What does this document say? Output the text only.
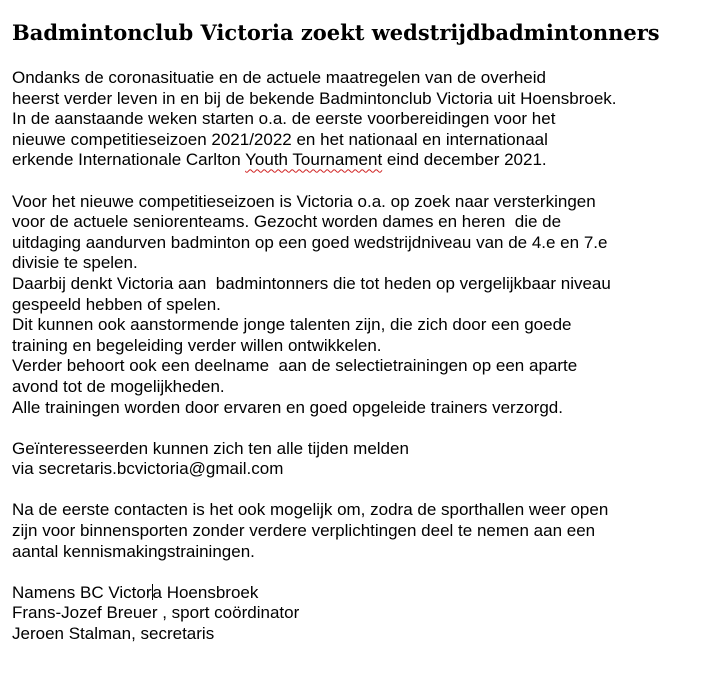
Badmintonclub Victoria zoekt wedstrijdbadmintonners

Ondanks de coronasituatie en de actuele maatregelen van de overheid
heerst verder leven in en bij de bekende Badmintonclub Victoria uit Hoensbroek.
In de aanstaande weken starten o.a. de eerste voorbereidingen voor het
nieuwe competitieseizoen 2021/2022 en het nationaal en internationaal
erkende Internationale Carlton Youth Tournament eind december 2021.

Voor het nieuwe competitieseizoen is Victoria o.a. op zoek naar versterkingen
voor de actuele seniorenteams. Gezocht worden dames en heren  die de
uitdaging aandurven badminton op een goed wedstrijdniveau van de 4.e en 7.e
divisie te spelen.
Daarbij denkt Victoria aan  badmintonners die tot heden op vergelijkbaar niveau
gespeeld hebben of spelen.
Dit kunnen ook aanstormende jonge talenten zijn, die zich door een goede
training en begeleiding verder willen ontwikkelen.
Verder behoort ook een deelname  aan de selectietrainingen op een aparte
avond tot de mogelijkheden.
Alle trainingen worden door ervaren en goed opgeleide trainers verzorgd.

Geïnteresseerden kunnen zich ten alle tijden melden
via secretaris.bcvictoria@gmail.com

Na de eerste contacten is het ook mogelijk om, zodra de sporthallen weer open
zijn voor binnensporten zonder verdere verplichtingen deel te nemen aan een
aantal kennismakingstrainingen.

Namens BC Victora Hoensbroek
Frans-Jozef Breuer , sport coördinator
Jeroen Stalman, secretaris
